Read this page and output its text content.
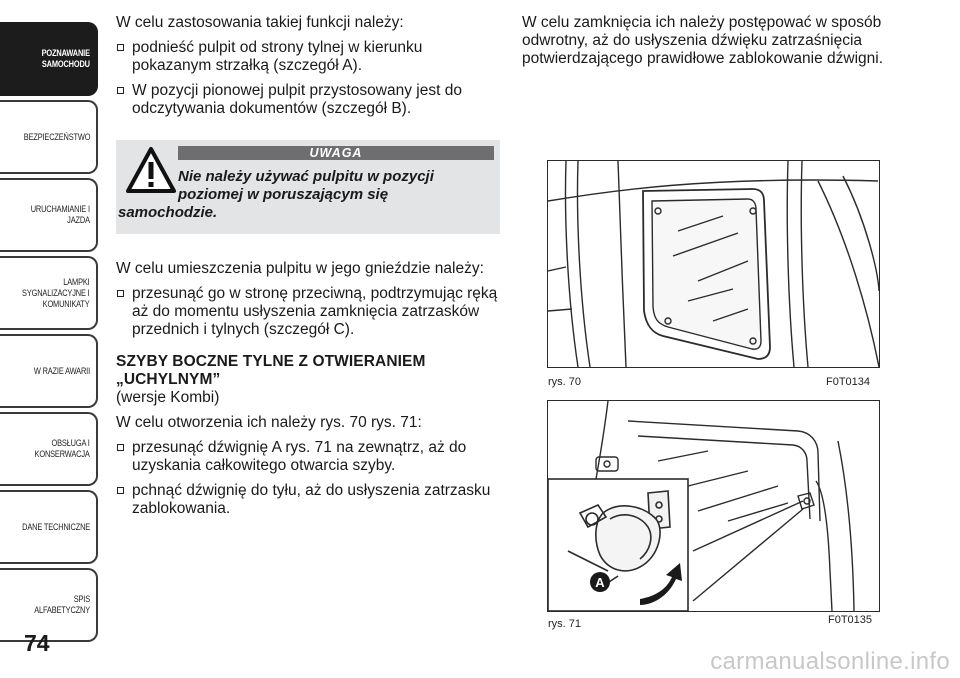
POZNAWANIE
SAMOCHODU
BEZPIECZEŃSTWO
URUCHAMIANIE I
JAZDA
LAMPKI
SYGNALIZACYJNE I
KOMUNIKATY
W RAZIE AWARII
OBSŁUGA I
KONSERWACJA
DANE TECHNICZNE
SPIS ALFABETYCZNY
74

W celu zastosowania takiej funkcji należy:

podnieść pulpit od strony tylnej w kierunku pokazanym strzałką (szczegół A).
W pozycji pionowej pulpit przystosowany jest do odczytywania dokumentów (szczegół B).
UWAGA
Nie należy używać pulpitu w pozycji
poziomej w poruszającym się
samochodzie.

W celu umieszczenia pulpitu w jego gnieździe należy:

przesunąć go w stronę przeciwną, podtrzymując ręką aż do momentu usłyszenia zamknięcia zatrzasków przednich i tylnych (szczegół C).
SZYBY BOCZNE TYLNE Z OTWIERANIEM
„UCHYLNYM”

(wersje Kombi)

W celu otworzenia ich należy rys. 70 rys. 71:

przesunąć dźwignię A rys. 71 na zewnątrz, aż do uzyskania całkowitego otwarcia szyby.
pchnąć dźwignię do tyłu, aż do usłyszenia zatrzasku zablokowania.

W celu zamknięcia ich należy postępować w sposób odwrotny, aż do usłyszenia dźwięku zatrzaśnięcia potwierdzającego prawidłowe zablokowanie dźwigni.

rys. 70	F0T0134
A
rys. 71	F0T0135
carmanualsonline.info
